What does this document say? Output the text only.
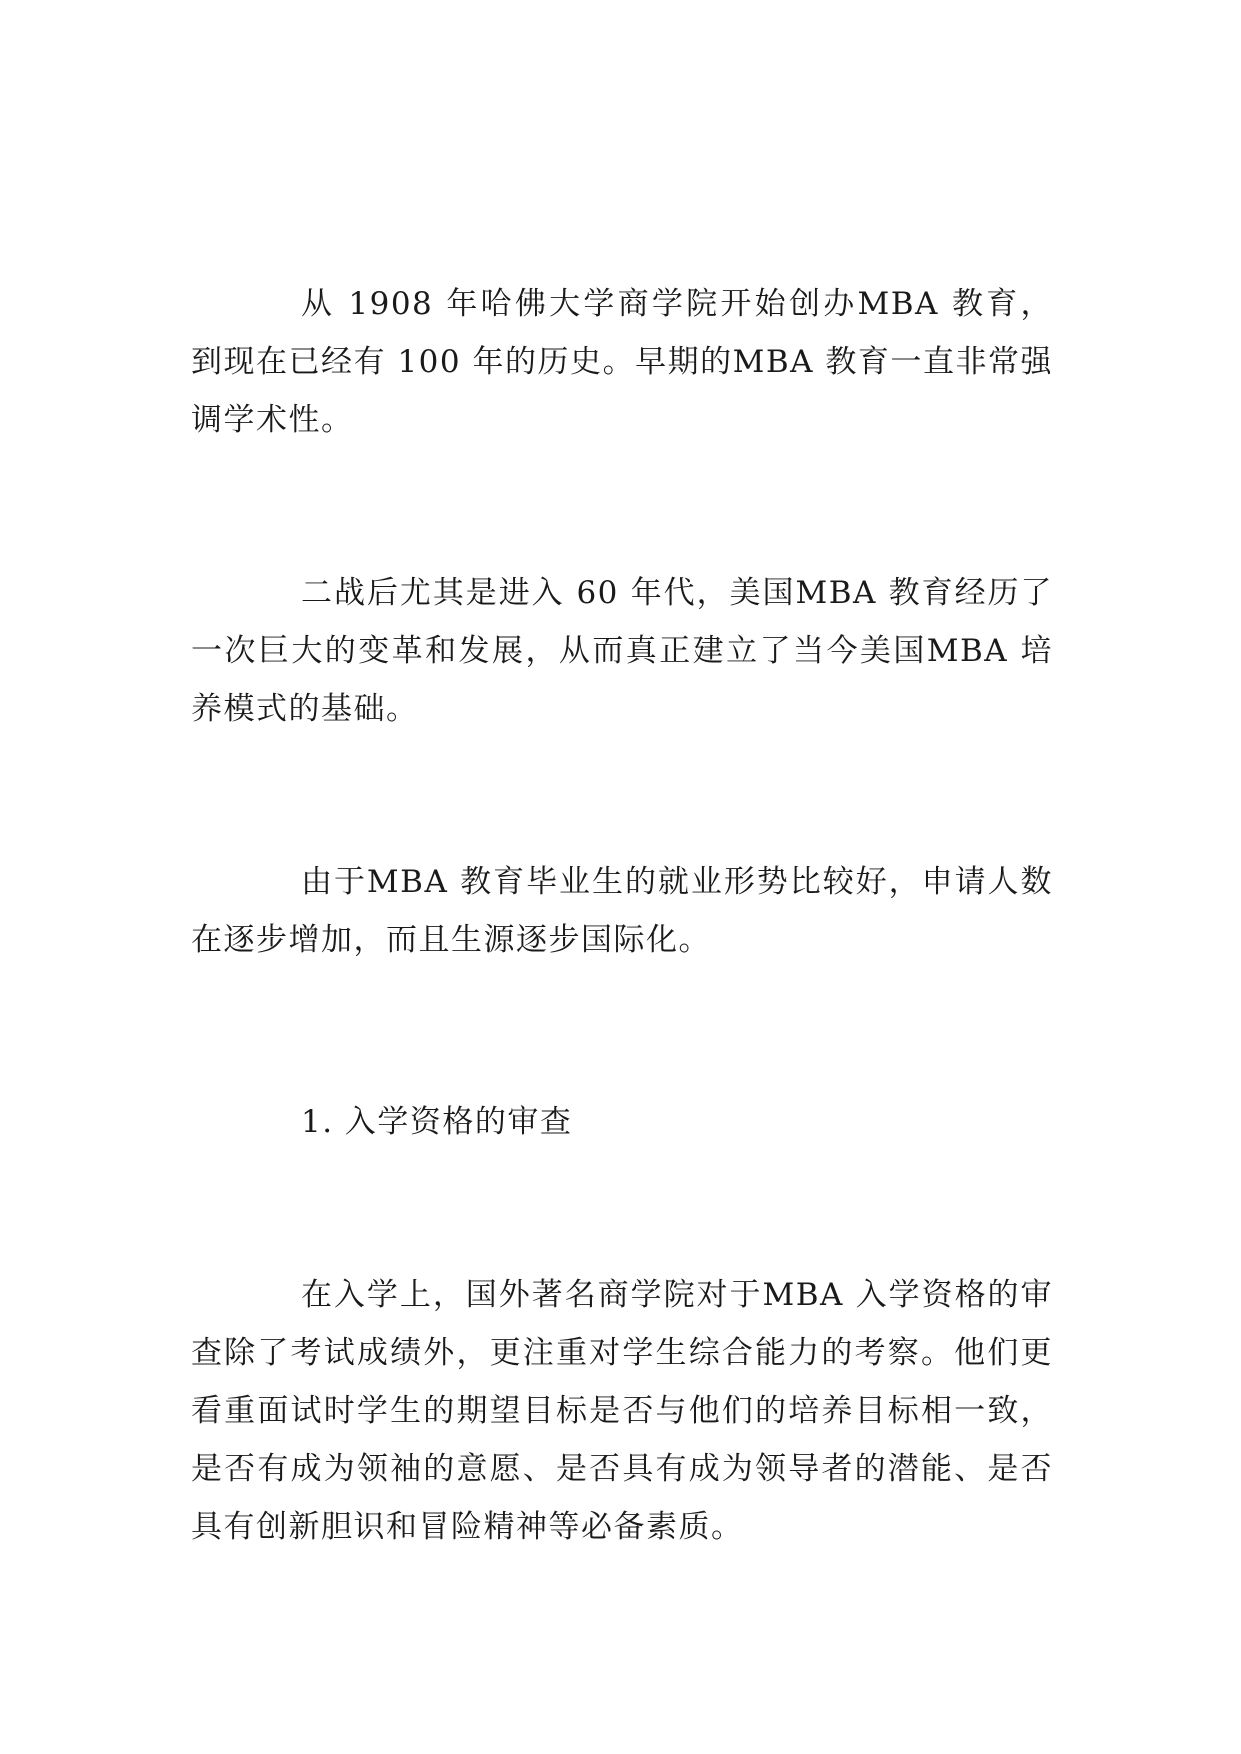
从 1908 年哈佛大学商学院开始创办MBA 教育，到现在已经有 100 年的历史。早期的MBA 教育一直非常强调学术性。

二战后尤其是进入 60 年代，美国MBA 教育经历了一次巨大的变革和发展，从而真正建立了当今美国MBA 培养模式的基础。

由于MBA 教育毕业生的就业形势比较好，申请人数在逐步增加，而且生源逐步国际化。

1. 入学资格的审查

在入学上，国外著名商学院对于MBA 入学资格的审查除了考试成绩外，更注重对学生综合能力的考察。他们更看重面试时学生的期望目标是否与他们的培养目标相一致，是否有成为领袖的意愿、是否具有成为领导者的潜能、是否具有创新胆识和冒险精神等必备素质。
